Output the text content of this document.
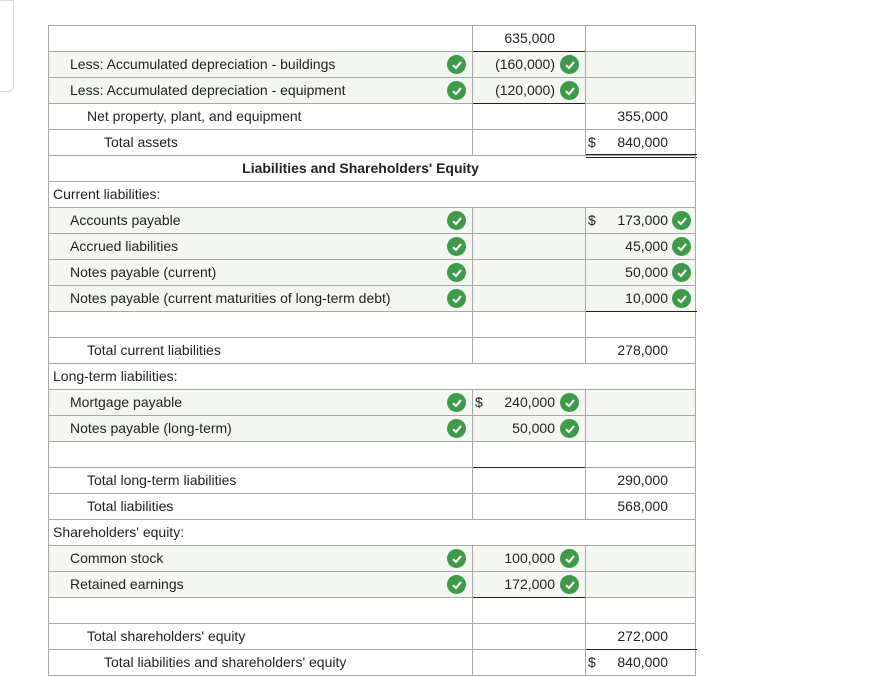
635,000
Less: Accumulated depreciation - buildings	(160,000)
Less: Accumulated depreciation - equipment	(120,000)
Net property, plant, and equipment	355,000
Total assets	$ 840,000
Liabilities and Shareholders' Equity
Current liabilities:
Accounts payable	$ 173,000
Accrued liabilities	45,000
Notes payable (current)	50,000
Notes payable (current maturities of long-term debt)	10,000
Total current liabilities	278,000
Long-term liabilities:
Mortgage payable	$ 240,000
Notes payable (long-term)	50,000
Total long-term liabilities	290,000
Total liabilities	568,000
Shareholders' equity:
Common stock	100,000
Retained earnings	172,000
Total shareholders' equity	272,000
Total liabilities and shareholders' equity	$ 840,000
